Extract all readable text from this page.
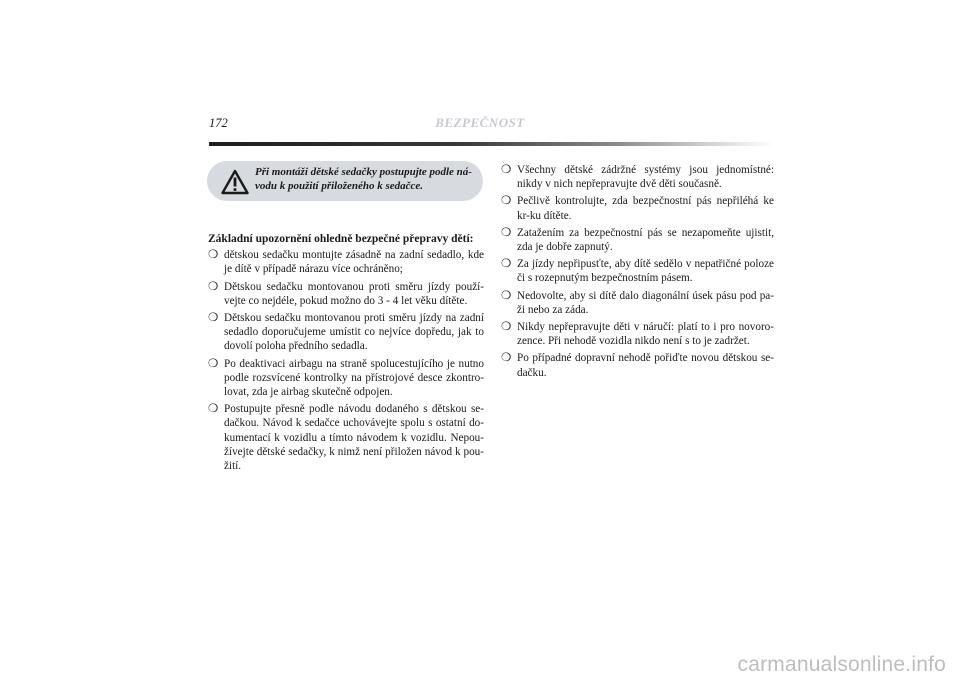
172	BEZPEČNOST
Při montáži dětské sedačky postupujte podle ná-vodu k použití přiloženého k sedačce.
Základní upozornění ohledně bezpečné přepravy dětí:
❍ dětskou sedačku montujte zásadně na zadní sedadlo, kde je dítě v případě nárazu více ochráněno;
❍ Dětskou sedačku montovanou proti směru jízdy použí-vejte co nejdéle, pokud možno do 3 - 4 let věku dítěte.
❍ Dětskou sedačku montovanou proti směru jízdy na zadní sedadlo doporučujeme umístit co nejvíce dopředu, jak to dovolí poloha předního sedadla.
❍ Po deaktivaci airbagu na straně spolucestujícího je nutno podle rozsvícené kontrolky na přístrojové desce zkontro-lovat, zda je airbag skutečně odpojen.
❍ Postupujte přesně podle návodu dodaného s dětskou se-dačkou. Návod k sedačce uchovávejte spolu s ostatní do-kumentací k vozidlu a tímto návodem k vozidlu. Nepou-žívejte dětské sedačky, k nimž není přiložen návod k pou-žití.
❍ Všechny dětské zádržné systémy jsou jednomístné: nikdy v nich nepřepravujte dvě děti současně.
❍ Pečlivě kontrolujte, zda bezpečnostní pás nepřiléhá ke kr-ku dítěte.
❍ Zatažením za bezpečnostní pás se nezapomeňte ujistit, zda je dobře zapnutý.
❍ Za jízdy nepřipusťte, aby dítě sedělo v nepatřičné poloze či s rozepnutým bezpečnostním pásem.
❍ Nedovolte, aby si dítě dalo diagonální úsek pásu pod pa-ži nebo za záda.
❍ Nikdy nepřepravujte děti v náručí: platí to i pro novoro-zence. Při nehodě vozidla nikdo není s to je zadržet.
❍ Po případné dopravní nehodě pořiďte novou dětskou se-dačku.
carmanualsonline.info
